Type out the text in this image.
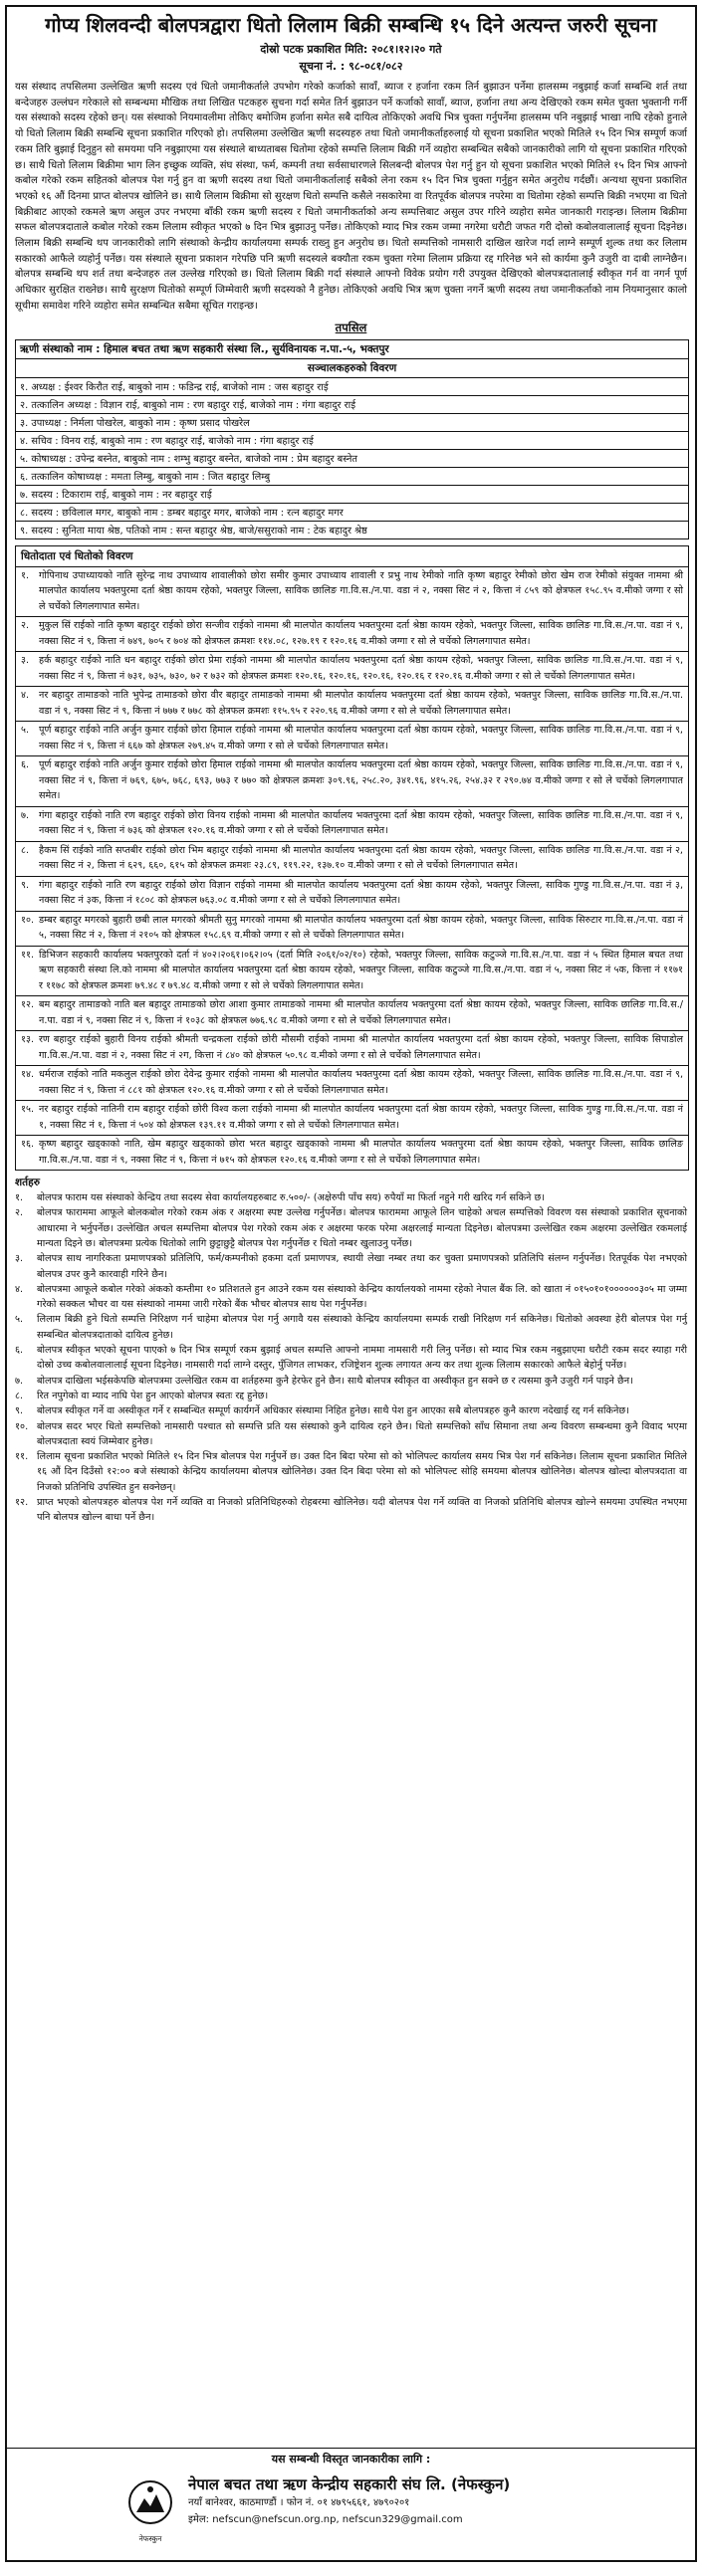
गोप्य शिलवन्दी बोलपत्रद्वारा धितो लिलाम बिक्री सम्बन्धि १५ दिने अत्यन्त जरुरी सूचना
दोस्रो पटक प्रकाशित मिति: २०८१।१२।२० गते
सूचना नं. : ९८-०८१/०८२
यस संस्थाद तपसिलमा उल्लेखित ऋणी सदस्य एवं धितो जमानीकर्ताले उपभोग गरेको कर्जाको सावाँ, ब्याज र हर्जाना रकम तिर्न बुझाउन पर्नेमा हालसम्म नबुझाई कर्जा सम्बन्धि शर्त तथा बन्देजहरु उल्लंघन गरेकाले सो सम्बन्धमा मौखिक तथा लिखित पटकहरु सुचना गर्दा समेत तिर्न बुझाउन पर्ने कर्जाको सावाँ, ब्याज, हर्जाना तथा अन्य देखिएको रकम समेत चुक्ता भुक्तानी गर्नी यस संस्थाको सदस्य रहेको छन्। यस संस्थाको नियमावलीमा तोकिए बमोजिम हर्जाना समेत सबै दायित्व तोकिएको अवधि भित्र चुक्ता गर्नुपर्नेमा हालसम्म पनि नबुझाई भाखा नाघि रहेको हुनाले यो धितो लिलाम बिक्री सम्बन्धि सूचना प्रकाशित गरिएको हो। तपसिलमा उल्लेखित ऋणी सदस्यहरु तथा धितो जमानीकर्ताहरुलाई यो सूचना प्रकाशित भएको मितिले १५ दिन भित्र सम्पूर्ण कर्जा रकम तिरि बुझाई दिनुहुन सो समयमा पनि नबुझाएमा यस संस्थाले बाध्यताबस धितोमा रहेको सम्पत्ति लिलाम बिक्री गर्ने व्यहोरा सम्बन्धित सबैको जानकारीको लागि यो सूचना प्रकाशित गरिएको छ। साथै धितो लिलाम बिक्रीमा भाग लिन इच्छुक व्यक्ति, संघ संस्था, फर्म, कम्पनी तथा सर्वसाधारणले सिलबन्दी बोलपत्र पेश गर्नु हुन यो सूचना प्रकाशित भएको मितिले १५ दिन भित्र आफ्नो कबोल गरेको रकम सहितको बोलपत्र पेश गर्नु हुन वा ऋणी सदस्य तथा धितो जमानीकर्तालाई सबैको लेना रकम १५ दिन भित्र चुक्ता गर्नुहुन समेत अनुरोध गर्दछौं। अन्यथा सूचना प्रकाशित भएको १६ औं दिनमा प्राप्त बोलपत्र खोलिने छ। साथै लिलाम बिक्रीमा सो सुरक्षण धितो सम्पत्ति कसैले नसकारेमा वा रितपूर्वक बोलपत्र नपरेमा वा धितोमा रहेको सम्पत्ति बिक्री नभएमा वा धितो बिक्रीबाट आएको रकमले ऋण असुल उपर नभएमा बाँकी रकम ऋणी सदस्य र धितो जमानीकर्ताको अन्य सम्पत्तिबाट असुल उपर गरिने व्यहोरा समेत जानकारी गराइन्छ। लिलाम बिक्रीमा सफल बोलपत्रदाताले कबोल गरेको रकम लिलाम स्वीकृत भएको ७ दिन भित्र बुझाउनु पर्नेछ। तोकिएको म्याद भित्र रकम जम्मा नगरेमा धरौटी जफत गरी दोस्रो कबोलवालालाई सूचना दिइनेछ। लिलाम बिक्री सम्बन्धि थप जानकारीको लागि संस्थाको केन्द्रीय कार्यालयमा सम्पर्क राख्नु हुन अनुरोध छ। धितो सम्पत्तिको नामसारी दाखिल खारेज गर्दा लाग्ने सम्पूर्ण शुल्क तथा कर लिलाम सकारको आफैले व्यहोर्नु पर्नेछ। यस संस्थाले सूचना प्रकाशन गरेपछि पनि ऋणी सदस्यले बक्यौता रकम चुक्ता गरेमा लिलाम प्रक्रिया रद्द गरिनेछ भने सो कार्यमा कुनै उजुरी वा दाबी लाग्नेछैन। बोलपत्र सम्बन्धि थप शर्त तथा बन्देजहरु तल उल्लेख गरिएको छ। धितो लिलाम बिक्री गर्दा संस्थाले आफ्नो विवेक प्रयोग गरी उपयुक्त देखिएको बोलपत्रदातालाई स्वीकृत गर्न वा नगर्न पूर्ण अधिकार सुरक्षित राख्नेछ। साथै सुरक्षण धितोको सम्पूर्ण जिम्मेवारी ऋणी सदस्यको नै हुनेछ। तोकिएको अवधि भित्र ऋण चुक्ता नगर्ने ऋणी सदस्य तथा जमानीकर्ताको नाम नियमानुसार कालो सूचीमा समावेश गरिने व्यहोरा समेत सम्बन्धित सबैमा सूचित गराइन्छ।
तपसिल
ऋणी संस्थाको नाम : हिमाल बचत तथा ऋण सहकारी संस्था लि., सुर्यविनायक न.पा.-५, भक्तपुर
सञ्चालकहरुको विवरण
१. अध्यक्ष : ईश्वर किरौत राई, बाबुको नाम : फडिन्द्र राई, बाजेको नाम : जस बहादुर राई
२. तत्कालिन अध्यक्ष : विज्ञान राई, बाबुको नाम : रण बहादुर राई, बाजेको नाम : गंगा बहादुर राई
३. उपाध्यक्ष : निर्मला पोखरेल, बाबुको नाम : कृष्ण प्रसाद पोखरेल
४. सचिव : विनय राई, बाबुको नाम : रण बहादुर राई, बाजेको नाम : गंगा बहादुर राई
५. कोषाध्यक्ष : उपेन्द्र बस्नेत, बाबुको नाम : शम्भु बहादुर बस्नेत, बाजेको नाम : प्रेम बहादुर बस्नेत
६. तत्कालिन कोषाध्यक्ष : ममता लिम्बु, बाबुको नाम : जित बहादुर लिम्बु
७. सदस्य : टिकाराम राई, बाबुको नाम : नर बहादुर राई
८. सदस्य : छविलाल मगर, बाबुको नाम : डम्बर बहादुर मगर, बाजेको नाम : रत्न बहादुर मगर
९. सदस्य : सुनिता माया श्रेष्ठ, पतिको नाम : सन्त बहादुर श्रेष्ठ, बाजे/ससुराको नाम : टेक बहादुर श्रेष्ठ
धितोदाता एवं धितोको विवरण
१.	गोपिनाथ उपाध्यायको नाति सुरेन्द्र नाथ उपाध्याय शावालीको छोरा समीर कुमार उपाध्याय शावाली र प्रभु नाथ रेमीको नाति कृष्ण बहादुर रेमीको छोरा खेम राज रेमीको संयुक्त नाममा श्री मालपोत कार्यालय भक्तपुरमा दर्ता श्रेष्ठा कायम रहेको, भक्तपुर जिल्ला, साविक छालिङ गा.वि.स./न.पा. वडा नं २, नक्सा सिट नं २, कित्ता नं ८५९ को क्षेत्रफल १५८.९५ व.मीको जग्गा र सो ले चर्चेको लिगलगापात समेत।
२.	मुकुल सिं राईको नाति कृष्ण बहादुर राईको छोरा सन्जीव राईको नाममा श्री मालपोत कार्यालय भक्तपुरमा दर्ता श्रेष्ठा कायम रहेको, भक्तपुर जिल्ला, साविक छालिङ गा.वि.स./न.पा. वडा नं ९, नक्सा सिट नं ९, कित्ता नं ७४९, ७०५ र ७०४ को क्षेत्रफल क्रमशः ११४.०८, १२७.१९ र १२०.१६ व.मीको जग्गा र सो ले चर्चेको लिगलगापात समेत।
३.	हर्क बहादुर राईको नाति धन बहादुर राईको छोरा प्रेमा राईको नाममा श्री मालपोत कार्यालय भक्तपुरमा दर्ता श्रेष्ठा कायम रहेको, भक्तपुर जिल्ला, साविक छालिङ गा.वि.स./न.पा. वडा नं ९, नक्सा सिट नं ९, कित्ता नं ७३१, ७३५, ७३०, ७२ र ७३२ को क्षेत्रफल क्रमशः १२०.१६, १२०.१६, १२०.१६, १२०.१६ र १२०.१६ व.मीको जग्गा र सो ले चर्चेको लिगलगापात समेत।
४.	नर बहादुर तामाङको नाति भुपेन्द्र तामाङको छोरा वीर बहादुर तामाङको नाममा श्री मालपोत कार्यालय भक्तपुरमा दर्ता श्रेष्ठा कायम रहेको, भक्तपुर जिल्ला, साविक छालिङ गा.वि.स./न.पा. वडा नं ९, नक्सा सिट नं ९, कित्ता नं ७७७ र ७७८ को क्षेत्रफल क्रमशः ११५.९५ र २२०.९६ व.मीको जग्गा र सो ले चर्चेको लिगलगापात समेत।
५.	पूर्ण बहादुर राईको नाति अर्जुन कुमार राईको छोरा हिमाल राईको नाममा श्री मालपोत कार्यालय भक्तपुरमा दर्ता श्रेष्ठा कायम रहेको, भक्तपुर जिल्ला, साविक छालिङ गा.वि.स./न.पा. वडा नं ९, नक्सा सिट नं ९, कित्ता नं ६६७ को क्षेत्रफल २७९.४५ व.मीको जग्गा र सो ले चर्चेको लिगलगापात समेत।
६.	पूर्ण बहादुर राईको नाति अर्जुन कुमार राईको छोरा हिमाल राईको नाममा श्री मालपोत कार्यालय भक्तपुरमा दर्ता श्रेष्ठा कायम रहेको, भक्तपुर जिल्ला, साविक छालिङ गा.वि.स./न.पा. वडा नं ९, नक्सा सिट नं ९, कित्ता नं ७६९, ६७५, ७६८, ६९३, ७७३ र ७७० को क्षेत्रफल क्रमशः ३०९.९६, २५८.२०, ३४१.९६, ४१५.२६, २५४.३२ र २९०.७४ व.मीको जग्गा र सो ले चर्चेको लिगलगापात समेत।
७.	गंगा बहादुर राईको नाति रण बहादुर राईको छोरा विनय राईको नाममा श्री मालपोत कार्यालय भक्तपुरमा दर्ता श्रेष्ठा कायम रहेको, भक्तपुर जिल्ला, साविक छालिङ गा.वि.स./न.पा. वडा नं ९, नक्सा सिट नं ९, कित्ता नं ७३६ को क्षेत्रफल १२०.१६ व.मीको जग्गा र सो ले चर्चेको लिगलगापात समेत।
८.	हैकम सिं राईको नाति सप्तबीर राईको छोरा भिम बहादुर राईको नाममा श्री मालपोत कार्यालय भक्तपुरमा दर्ता श्रेष्ठा कायम रहेको, भक्तपुर जिल्ला, साविक छालिङ गा.वि.स./न.पा. वडा नं २, नक्सा सिट नं २, कित्ता नं ६२९, ६६०, ६१५ को क्षेत्रफल क्रमशः २३.८९, ११९.२२, १३७.१० व.मीको जग्गा र सो ले चर्चेको लिगलगापात समेत।
९.	गंगा बहादुर राईको नाति रण बहादुर राईको छोरा विज्ञान राईको नाममा श्री मालपोत कार्यालय भक्तपुरमा दर्ता श्रेष्ठा कायम रहेको, भक्तपुर जिल्ला, साविक गुण्डु गा.वि.स./न.पा. वडा नं ३, नक्सा सिट नं ३क, कित्ता नं १८०८ को क्षेत्रफल ७६३.०८ व.मीको जग्गा र सो ले चर्चेको लिगलगापात समेत।
१०. डम्बर बहादुर मगरको बुहारी छबी लाल मगरको श्रीमती सुनु मगरको नाममा श्री मालपोत कार्यालय भक्तपुरमा दर्ता श्रेष्ठा कायम रहेको, भक्तपुर जिल्ला, साविक सिरुटार गा.वि.स./न.पा. वडा नं ५, नक्सा सिट नं २, कित्ता नं २१०५ को क्षेत्रफल १५८.६९ व.मीको जग्गा र सो ले चर्चेको लिगलगापात समेत।
११. डिभिजन सहकारी कार्यालय भक्तपुरको दर्ता नं ४०२।२०६१।०६२।०५ (दर्ता मिति २०६१/०२/१०) रहेको, भक्तपुर जिल्ला, साविक कटुञ्जे गा.वि.स./न.पा. वडा नं ५ स्थित हिमाल बचत तथा ऋण सहकारी संस्था लि.को नाममा श्री मालपोत कार्यालय भक्तपुरमा दर्ता श्रेष्ठा कायम रहेको, भक्तपुर जिल्ला, साविक कटुञ्जे गा.वि.स./न.पा. वडा नं ५, नक्सा सिट नं ५क, कित्ता नं ११७१ र ११७८ को क्षेत्रफल क्रमशः ७९.४८ र ७९.४८ व.मीको जग्गा र सो ले चर्चेको लिगलगापात समेत।
१२. बम बहादुर तामाङको नाति बल बहादुर तामाङको छोरा आशा कुमार तामाङको नाममा श्री मालपोत कार्यालय भक्तपुरमा दर्ता श्रेष्ठा कायम रहेको, भक्तपुर जिल्ला, साविक छालिङ गा.वि.स./न.पा. वडा नं ९, नक्सा सिट नं ९, कित्ता नं १०३८ को क्षेत्रफल ७७६.९८ व.मीको जग्गा र सो ले चर्चेको लिगलगापात समेत।
१३. रण बहादुर राईको बुहारी विनय राईको श्रीमती चन्द्रकला राईको छोरी मौसमी राईको नाममा श्री मालपोत कार्यालय भक्तपुरमा दर्ता श्रेष्ठा कायम रहेको, भक्तपुर जिल्ला, साविक सिपाडोल गा.वि.स./न.पा. वडा नं २, नक्सा सिट नं २ग, कित्ता नं ८४० को क्षेत्रफल ५०.९८ व.मीको जग्गा र सो ले चर्चेको लिगलगापात समेत।
१४. धर्मराज राईको नाति मकलुल राईको छोरा देवेन्द्र कुमार राईको नाममा श्री मालपोत कार्यालय भक्तपुरमा दर्ता श्रेष्ठा कायम रहेको, भक्तपुर जिल्ला, साविक छालिङ गा.वि.स./न.पा. वडा नं ९, नक्सा सिट नं ९, कित्ता नं ८८१ को क्षेत्रफल १२०.१६ व.मीको जग्गा र सो ले चर्चेको लिगलगापात समेत।
१५. नर बहादुर राईको नातिनी राम बहादुर राईको छोरी विश्व कला राईको नाममा श्री मालपोत कार्यालय भक्तपुरमा दर्ता श्रेष्ठा कायम रहेको, भक्तपुर जिल्ला, साविक गुण्डु गा.वि.स./न.पा. वडा नं १, नक्सा सिट नं १, कित्ता नं ५०४ को क्षेत्रफल १३९.११ व.मीको जग्गा र सो ले चर्चेको लिगलगापात समेत।
१६. कृष्ण बहादुर खड्काको नाति, खेम बहादुर खड्काको छोरा भरत बहादुर खड्काको नाममा श्री मालपोत कार्यालय भक्तपुरमा दर्ता श्रेष्ठा कायम रहेको, भक्तपुर जिल्ला, साविक छालिङ गा.वि.स./न.पा. वडा नं ९, नक्सा सिट नं ९, कित्ता नं ७१५ को क्षेत्रफल १२०.१६ व.मीको जग्गा र सो ले चर्चेको लिगलगापात समेत।
शर्तहरु
१.	बोलपत्र फाराम यस संस्थाको केन्द्रिय तथा सदस्य सेवा कार्यालयहरुबाट रु.५००/- (अक्षेरुपी पाँच सय) रुपैयाँ मा फिर्ता नहुने गरी खरिद गर्न सकिने छ।
२.	बोलपत्र फाराममा आफूले बोलकबोल गरेको रकम अंक र अक्षरमा स्पष्ट उल्लेख गर्नुपर्नेछ। बोलपत्र फाराममा आफूले लिन चाहेको अचल सम्पत्तिको विवरण यस संस्थाको प्रकाशित सूचनाको आधारमा ने भर्नुपर्नेछ। उल्लेखित अचल सम्पत्तिमा बोलपत्र पेश गरेको रकम अंक र अक्षरमा फरक परेमा अक्षरलाई मान्यता दिइनेछ। बोलपत्रमा उल्लेखित रकम अक्षरमा उल्लेखित रकमलाई मान्यता दिइने छ। बोलपत्रमा प्रत्येक धितोको लागि छुट्टाछुट्टै बोलपत्र पेश गर्नुपर्नेछ र धितो नम्बर खुलाउनु पर्नेछ।
३.	बोलपत्र साथ नागरिकता प्रमाणपत्रको प्रतिलिपि, फर्म/कम्पनीको हकमा दर्ता प्रमाणपत्र, स्थायी लेखा नम्बर तथा कर चुक्ता प्रमाणपत्रको प्रतिलिपि संलग्न गर्नुपर्नेछ। रितपूर्वक पेश नभएको बोलपत्र उपर कुनै कारवाही गरिने छैन।
४.	बोलपत्रमा आफूले कबोल गरेको अंकको कम्तीमा १० प्रतिशतले हुन आउने रकम यस संस्थाको केन्द्रिय कार्यालयको नाममा रहेको नेपाल बैंक लि. को खाता नं ०१५०१०१००००००३०५ मा जम्मा गरेको सक्कल भौचर वा यस संस्थाको नाममा जारी गरेको बैंक भौचर बोलपत्र साथ पेश गर्नुपर्नेछ।
५.	लिलाम बिक्री हुने धितो सम्पत्ति निरिक्षण गर्न चाहेमा बोलपत्र पेश गर्नु अगावै यस संस्थाको केन्द्रिय कार्यालयमा सम्पर्क राखी निरिक्षण गर्न सकिनेछ। धितोको अवस्था हेरी बोलपत्र पेश गर्नु सम्बन्धित बोलपत्रदाताको दायित्व हुनेछ।
६.	बोलपत्र स्वीकृत भएको सूचना पाएको ७ दिन भित्र सम्पूर्ण रकम बुझाई अचल सम्पत्ति आफ्नो नाममा नामसारी गरी लिनु पर्नेछ। सो म्याद भित्र रकम नबुझाएमा धरौटी रकम सदर स्याहा गरी दोस्रो उच्च कबोलवालालाई सूचना दिइनेछ। नामसारी गर्दा लाग्ने दस्तुर, पुँजिगत लाभकर, रजिष्ट्रेशन शुल्क लगायत अन्य कर तथा शुल्क लिलाम सकारको आफैले बेहोर्नु पर्नेछ।
७.	बोलपत्र दाखिला भईसकेपछि बोलपत्रमा उल्लेखित रकम वा शर्तहरुमा कुनै हेरफेर हुने छैन। साथै बोलपत्र स्वीकृत वा अस्वीकृत हुन सक्ने छ र त्यसमा कुनै उजुरी गर्न पाइने छैन।
८.	रित नपुगेको वा म्याद नाघि पेश हुन आएको बोलपत्र स्वतः रद्द हुनेछ।
९.	बोलपत्र स्वीकृत गर्ने वा अस्वीकृत गर्ने र सम्बन्धित सम्पूर्ण कार्यगर्ने अधिकार संस्थामा निहित हुनेछ। साथै पेश हुन आएका सबै बोलपत्रहरु कुनै कारण नदेखाई रद्द गर्न सकिनेछ।
१०. बोलपत्र सदर भएर धितो सम्पत्तिको नामसारी पश्चात सो सम्पत्ति प्रति यस संस्थाको कुनै दायित्व रहने छैन। धितो सम्पत्तिको साँध सिमाना तथा अन्य विवरण सम्बन्धमा कुनै विवाद भएमा बोलपत्रदाता स्वयं जिम्मेवार हुनेछ।
११. लिलाम सूचना प्रकाशित भएको मितिले १५ दिन भित्र बोलपत्र पेश गर्नुपर्ने छ। उक्त दिन बिदा परेमा सो को भोलिपल्ट कार्यालय समय भित्र पेश गर्न सकिनेछ। लिलाम सूचना प्रकाशित मितिले १६ औं दिन दिउँसो १२:०० बजे संस्थाको केन्द्रिय कार्यालयमा बोलपत्र खोलिनेछ। उक्त दिन बिदा परेमा सो को भोलिपल्ट सोहि समयमा बोलपत्र खोलिनेछ। बोलपत्र खोल्दा बोलपत्रदाता वा निजको प्रतिनिधि उपस्थित हुन सक्नेछन्।
१२. प्राप्त भएको बोलपत्रहरु बोलपत्र पेश गर्ने व्यक्ति वा निजको प्रतिनिधिहरुको रोहबरमा खोलिनेछ। यदी बोलपत्र पेश गर्ने व्यक्ति वा निजको प्रतिनिधि बोलपत्र खोल्ने समयमा उपस्थित नभएमा पनि बोलपत्र खोल्न बाधा पर्ने छैन।
यस सम्बन्धी विस्तृत जानकारीका लागि :
नेफस्कुन
नेपाल बचत तथा ऋण केन्द्रीय सहकारी संघ लि. (नेफस्कुन)
नयाँ बानेश्वर, काठमाण्डौं । फोन नं. ०१ ४७९५६६१, ४७९०२०१
इमेल: nefscun@nefscun.org.np, nefscun329@gmail.com
